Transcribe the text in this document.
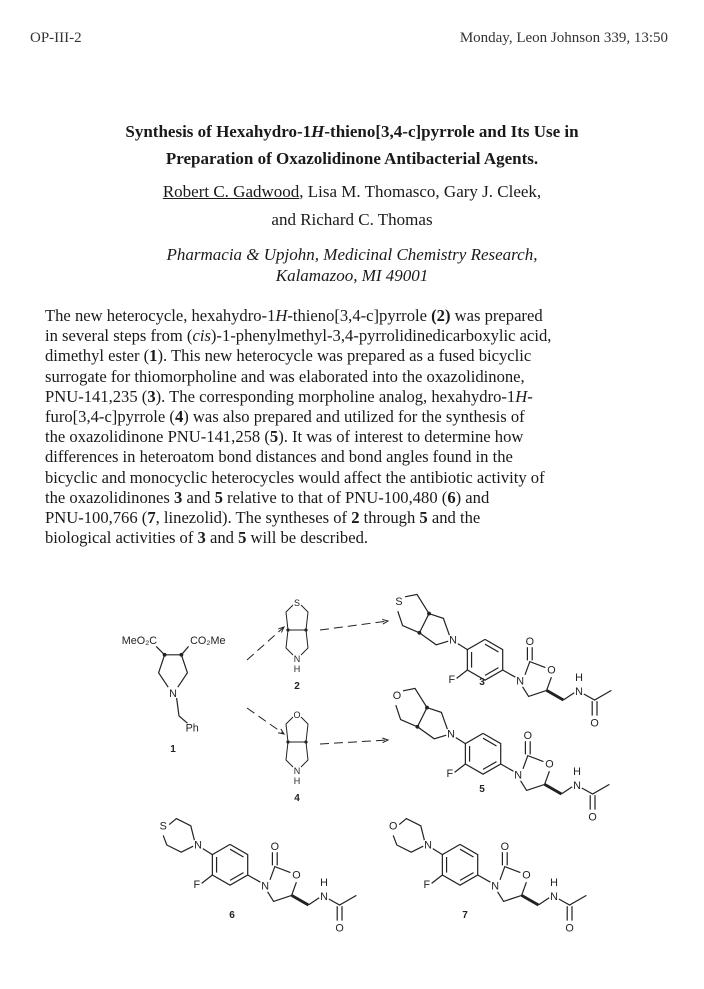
OP-III-2	Monday, Leon Johnson 339, 13:50
Synthesis of Hexahydro-1H-thieno[3,4-c]pyrrole and Its Use in
Preparation of Oxazolidinone Antibacterial Agents.
Robert C. Gadwood, Lisa M. Thomasco, Gary J. Cleek,
and Richard C. Thomas
Pharmacia & Upjohn, Medicinal Chemistry Research,
Kalamazoo, MI 49001
The new heterocycle, hexahydro-1H-thieno[3,4-c]pyrrole (2) was prepared
in several steps from (cis)-1-phenylmethyl-3,4-pyrrolidinedicarboxylic acid,
dimethyl ester (1). This new heterocycle was prepared as a fused bicyclic
surrogate for thiomorpholine and was elaborated into the oxazolidinone,
PNU-141,235 (3). The corresponding morpholine analog, hexahydro-1H-
furo[3,4-c]pyrrole (4) was also prepared and utilized for the synthesis of
the oxazolidinone PNU-141,258 (5). It was of interest to determine how
differences in heteroatom bond distances and bond angles found in the
bicyclic and monocyclic heterocycles would affect the antibiotic activity of
the oxazolidinones 3 and 5 relative to that of PNU-100,480 (6) and
PNU-100,766 (7, linezolid). The syntheses of 2 through 5 and the
biological activities of 3 and 5 will be described.
N
MeO₂C	CO₂Me
Ph
S
N
H
O
N
H
N
S
F	N
O
O
N
H
O
N
O
F	N
O
O
N
H
O
N
S
F	N
O
O
N
H
O
N
O
F	N
O
O
N
H
O
1
2	3
4
5
6	7
